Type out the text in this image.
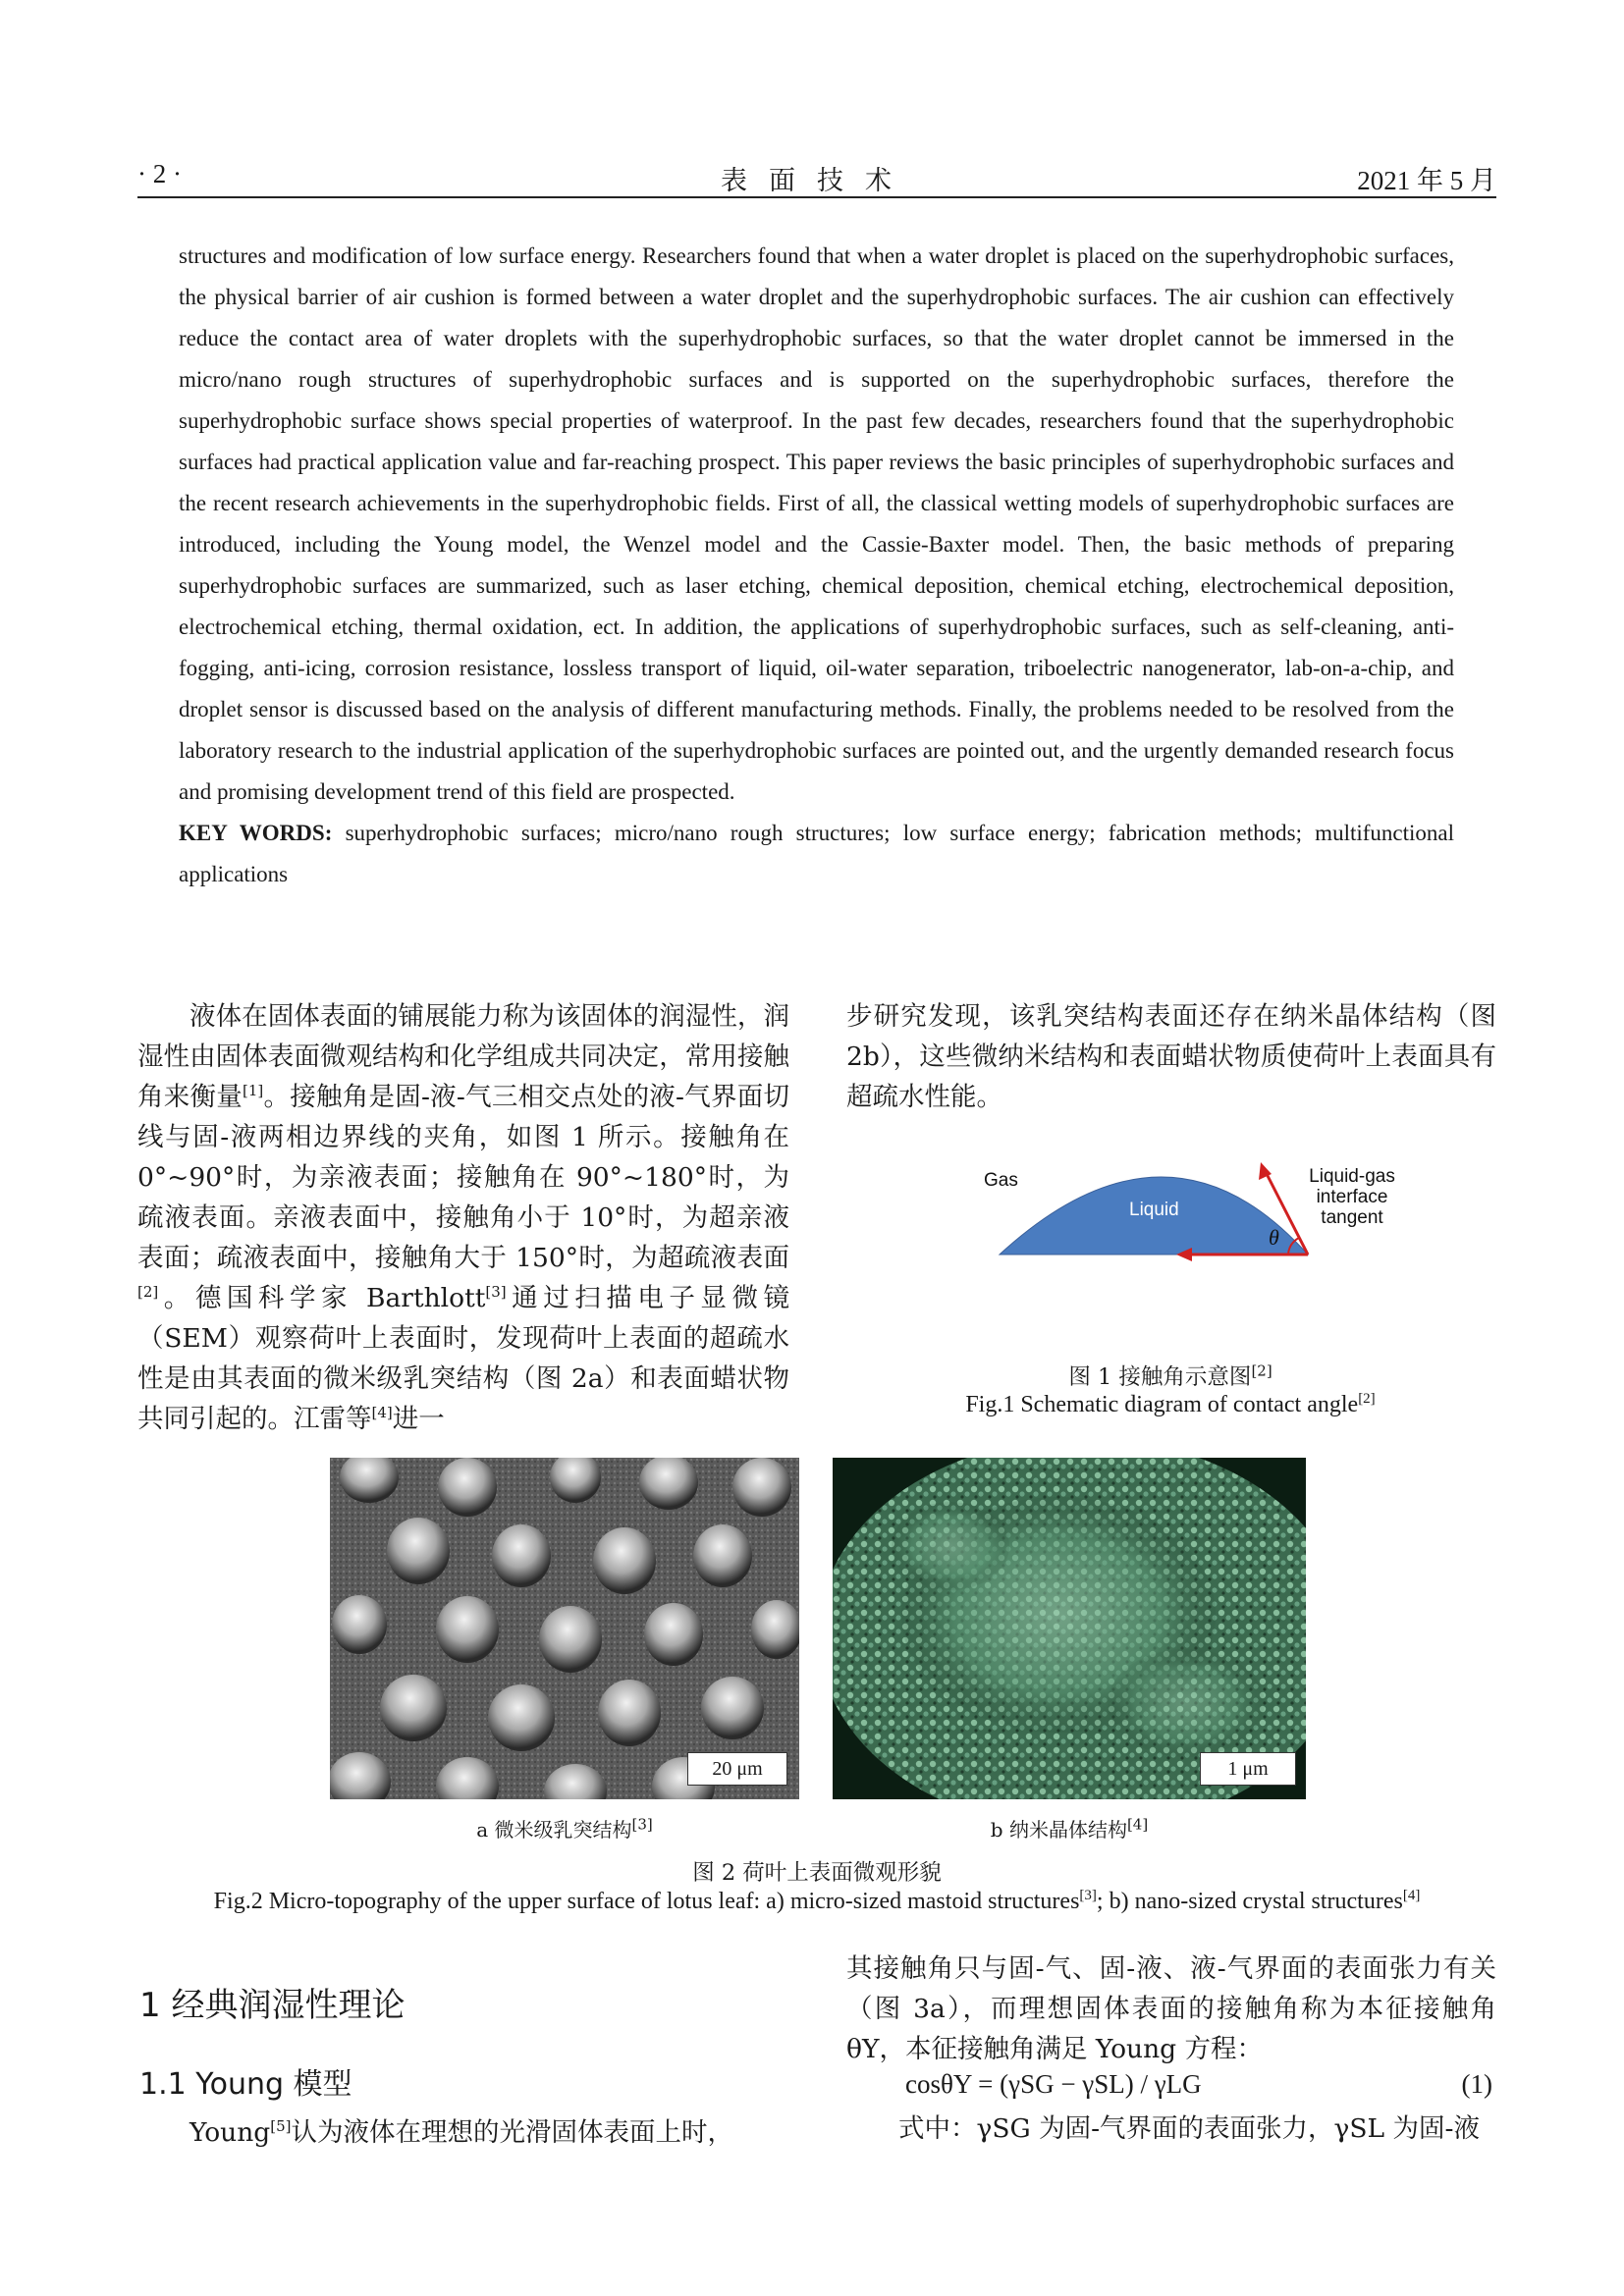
· 2 ·	表面技术	2021 年 5 月

structures and modification of low surface energy. Researchers found that when a water droplet is placed on the superhydrophobic surfaces, the physical barrier of air cushion is formed between a water droplet and the superhydrophobic surfaces. The air cushion can effectively reduce the contact area of water droplets with the superhydrophobic surfaces, so that the water droplet cannot be immersed in the micro/nano rough structures of superhydrophobic surfaces and is supported on the superhydrophobic surfaces, therefore the superhydrophobic surface shows special properties of waterproof. In the past few decades, researchers found that the superhydrophobic surfaces had practical application value and far-reaching prospect. This paper reviews the basic principles of superhydrophobic surfaces and the recent research achievements in the superhydrophobic fields. First of all, the classical wetting models of superhydrophobic surfaces are introduced, including the Young model, the Wenzel model and the Cassie-Baxter model. Then, the basic methods of preparing superhydrophobic surfaces are summarized, such as laser etching, chemical deposition, chemical etching, electrochemical deposition, electrochemical etching, thermal oxidation, ect. In addition, the applications of superhydrophobic surfaces, such as self-cleaning, anti-fogging, anti-icing, corrosion resistance, lossless transport of liquid, oil-water separation, triboelectric nanogenerator, lab-on-a-chip, and droplet sensor is discussed based on the analysis of different manufacturing methods. Finally, the problems needed to be resolved from the laboratory research to the industrial application of the superhydrophobic surfaces are pointed out, and the urgently demanded research focus and promising development trend of this field are prospected.

KEY WORDS: superhydrophobic surfaces; micro/nano rough structures; low surface energy; fabrication methods; multifunctional applications

液体在固体表面的铺展能力称为该固体的润湿性，润湿性由固体表面微观结构和化学组成共同决定，常用接触角来衡量[1]。接触角是固-液-气三相交点处的液-气界面切线与固-液两相边界线的夹角，如图 1 所示。接触角在 0°~90°时，为亲液表面；接触角在 90°~180°时，为疏液表面。亲液表面中，接触角小于 10°时，为超亲液表面；疏液表面中，接触角大于 150°时，为超疏液表面[2]。德国科学家 Barthlott[3]通过扫描电子显微镜（SEM）观察荷叶上表面时，发现荷叶上表面的超疏水性是由其表面的微米级乳突结构（图 2a）和表面蜡状物共同引起的。江雷等[4]进一

步研究发现，该乳突结构表面还存在纳米晶体结构（图 2b），这些微纳米结构和表面蜡状物质使荷叶上表面具有超疏水性能。

Gas
Liquid
Solid
θ
Liquid-gas
interface
tangent
Solid-liquid
two-phase
contact line
图 1 接触角示意图[2]
Fig.1 Schematic diagram of contact angle[2]
20 μm	1 μm
a 微米级乳突结构[3]	b 纳米晶体结构[4]
图 2 荷叶上表面微观形貌
Fig.2 Micro-topography of the upper surface of lotus leaf: a) micro-sized mastoid structures[3]; b) nano-sized crystal structures[4]
1 经典润湿性理论
1.1 Young 模型

Young[5]认为液体在理想的光滑固体表面上时，

其接触角只与固-气、固-液、液-气界面的表面张力有关（图 3a），而理想固体表面的接触角称为本征接触角 θY，本征接触角满足 Young 方程：

cosθY = (γSG − γSL) / γLG	(1)

式中：γSG 为固-气界面的表面张力，γSL 为固-液
